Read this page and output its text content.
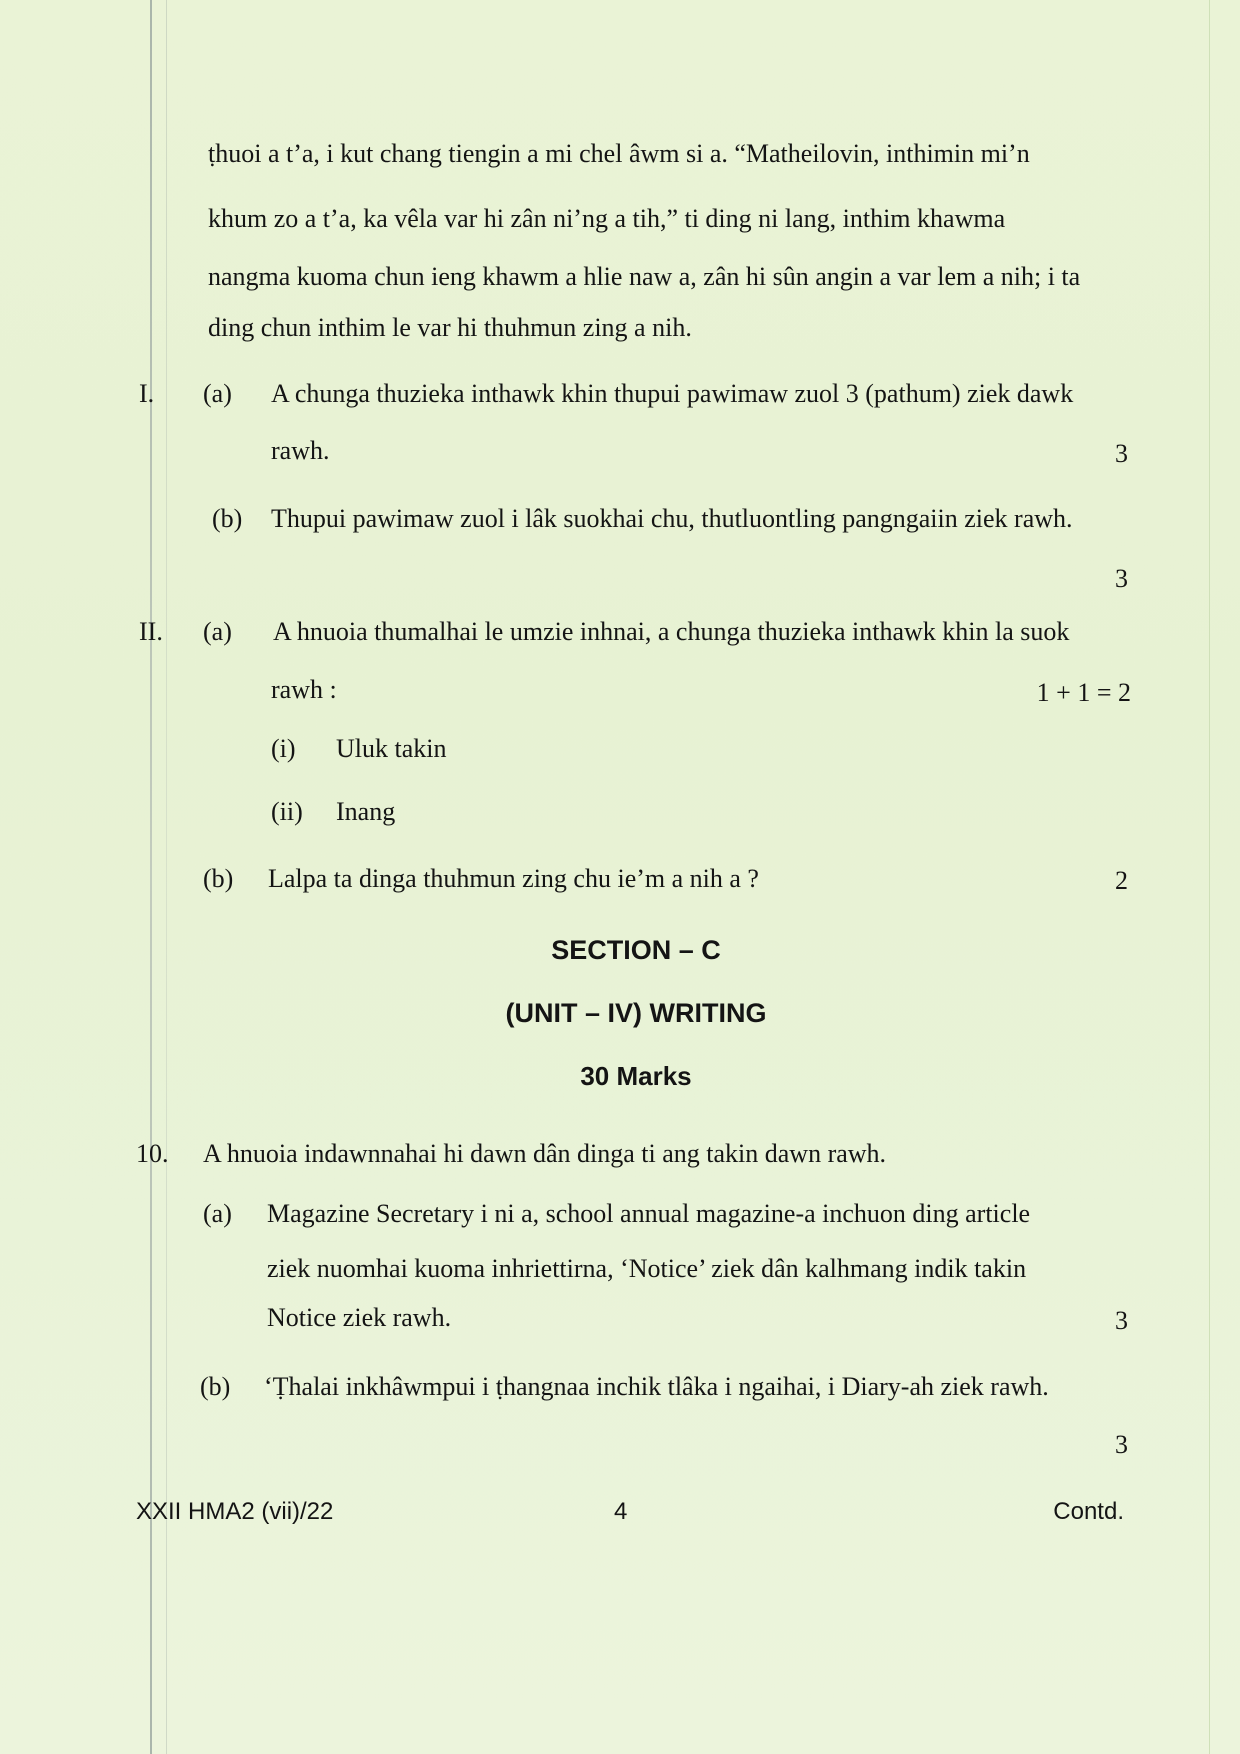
ṭhuoi a t’a, i kut chang tiengin a mi chel âwm si a. “Matheilovin, inthimin mi’n
khum zo a t’a, ka vêla var hi zân ni’ng a tih,” ti ding ni lang, inthim khawma
nangma kuoma chun ieng khawm a hlie naw a, zân hi sûn angin a var lem a nih; i ta
ding chun inthim le var hi thuhmun zing a nih.
I. (a) A chunga thuzieka inthawk khin thupui pawimaw zuol 3 (pathum) ziek dawk
rawh.	3
(b) Thupui pawimaw zuol i lâk suokhai chu, thutluontling pangngaiin ziek rawh.
3
II. (a) A hnuoia thumalhai le umzie inhnai, a chunga thuzieka inthawk khin la suok
rawh :	1 + 1 = 2
(i) Uluk takin
(ii) Inang
(b) Lalpa ta dinga thuhmun zing chu ie’m a nih a ?	2
SECTION – C
(UNIT – IV) WRITING
30 Marks
10. A hnuoia indawnnahai hi dawn dân dinga ti ang takin dawn rawh.
(a) Magazine Secretary i ni a, school annual magazine-a inchuon ding article
ziek nuomhai kuoma inhriettirna, ‘Notice’ ziek dân kalhmang indik takin
Notice ziek rawh.	3
(b) ‘Ṭhalai inkhâwmpui i ṭhangnaa inchik tlâka i ngaihai, i Diary-ah ziek rawh.
3
XXII HMA2 (vii)/22	4	Contd.
